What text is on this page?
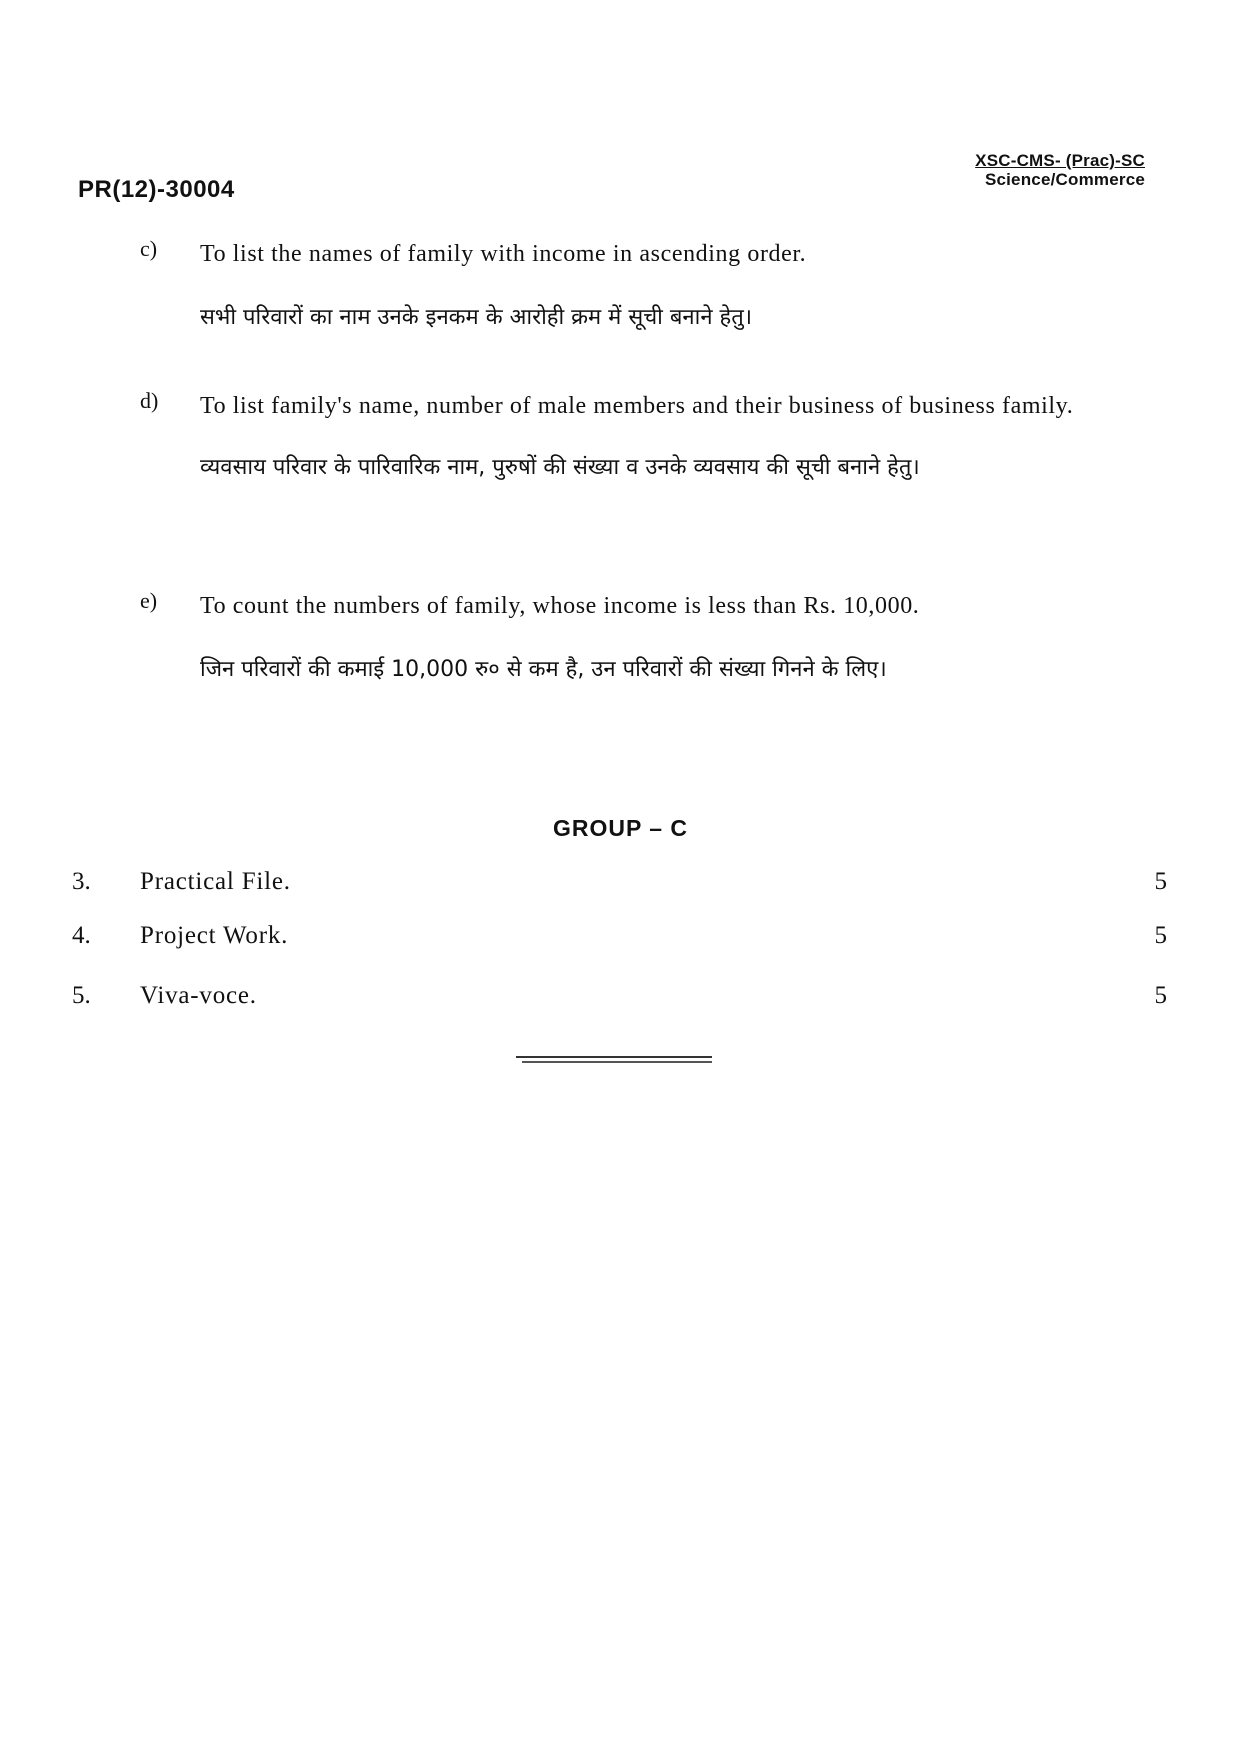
PR(12)-30004
XSC-CMS- (Prac)-SC
Science/Commerce
c) To list the names of family with income in ascending order.
सभी परिवारों का नाम उनके इनकम के आरोही क्रम में सूची बनाने हेतु।
d) To list family's name, number of male members and their business of business family.
व्यवसाय परिवार के पारिवारिक नाम, पुरुषों की संख्या व उनके व्यवसाय की सूची बनाने हेतु।
e) To count the numbers of family, whose income is less than Rs. 10,000.
जिन परिवारों की कमाई 10,000 रु० से कम है, उन परिवारों की संख्या गिनने के लिए।
GROUP – C
3. Practical File.	5
4. Project Work.	5
5. Viva-voce.	5
